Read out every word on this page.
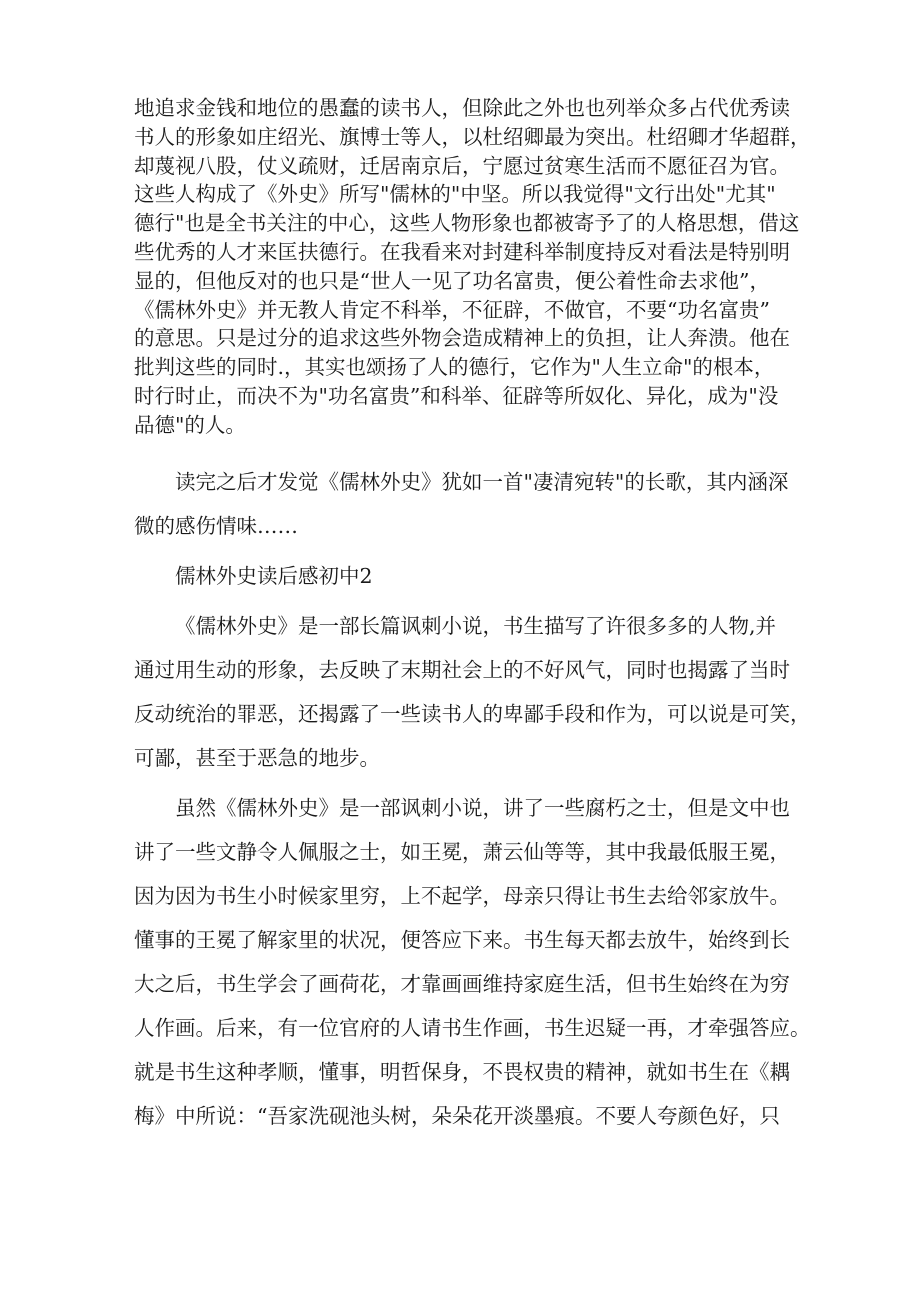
地追求金钱和地位的愚蠢的读书人，但除此之外也也列举众多占代优秀读
书人的形象如庄绍光、旗博士等人，以杜绍卿最为突出。杜绍卿才华超群，
却蔑视八股，仗义疏财，迁居南京后，宁愿过贫寒生活而不愿征召为官。
这些人构成了《外史》所写"儒林的"中坚。所以我觉得"文行出处"尤其"
德行"也是全书关注的中心，这些人物形象也都被寄予了的人格思想，借这
些优秀的人才来匡扶德行。在我看来对封建科举制度持反对看法是特别明
显的，但他反对的也只是“世人一见了功名富贵，便公着性命去求他”，
《儒林外史》并无教人肯定不科举，不征辟，不做官，不要“功名富贵”
的意思。只是过分的追求这些外物会造成精神上的负担，让人奔溃。他在
批判这些的同时.，其实也颂扬了人的德行，它作为"人生立命"的根本，
时行时止，而决不为"功名富贵”和科举、征辟等所奴化、异化，成为"没
品德"的人。
读完之后才发觉《儒林外史》犹如一首"凄清宛转"的长歌，其内涵深
微的感伤情味……
儒林外史读后感初中2
《儒林外史》是一部长篇讽刺小说，书生描写了许很多多的人物,并
通过用生动的形象，去反映了末期社会上的不好风气，同时也揭露了当时
反动统治的罪恶，还揭露了一些读书人的卑鄙手段和作为，可以说是可笑，
可鄙，甚至于恶急的地步。
虽然《儒林外史》是一部讽刺小说，讲了一些腐朽之士，但是文中也
讲了一些文静令人佩服之士，如王冕，萧云仙等等，其中我最低服王冕，
因为因为书生小时候家里穷，上不起学，母亲只得让书生去给邻家放牛。
懂事的王冕了解家里的状况，便答应下来。书生每天都去放牛，始终到长
大之后，书生学会了画荷花，才靠画画维持家庭生活，但书生始终在为穷
人作画。后来，有一位官府的人请书生作画，书生迟疑一再，才牵强答应。
就是书生这种孝顺，懂事，明哲保身，不畏权贵的精神，就如书生在《耦
梅》中所说：“吾家洗砚池头树，朵朵花开淡墨痕。不要人夸颜色好，只
